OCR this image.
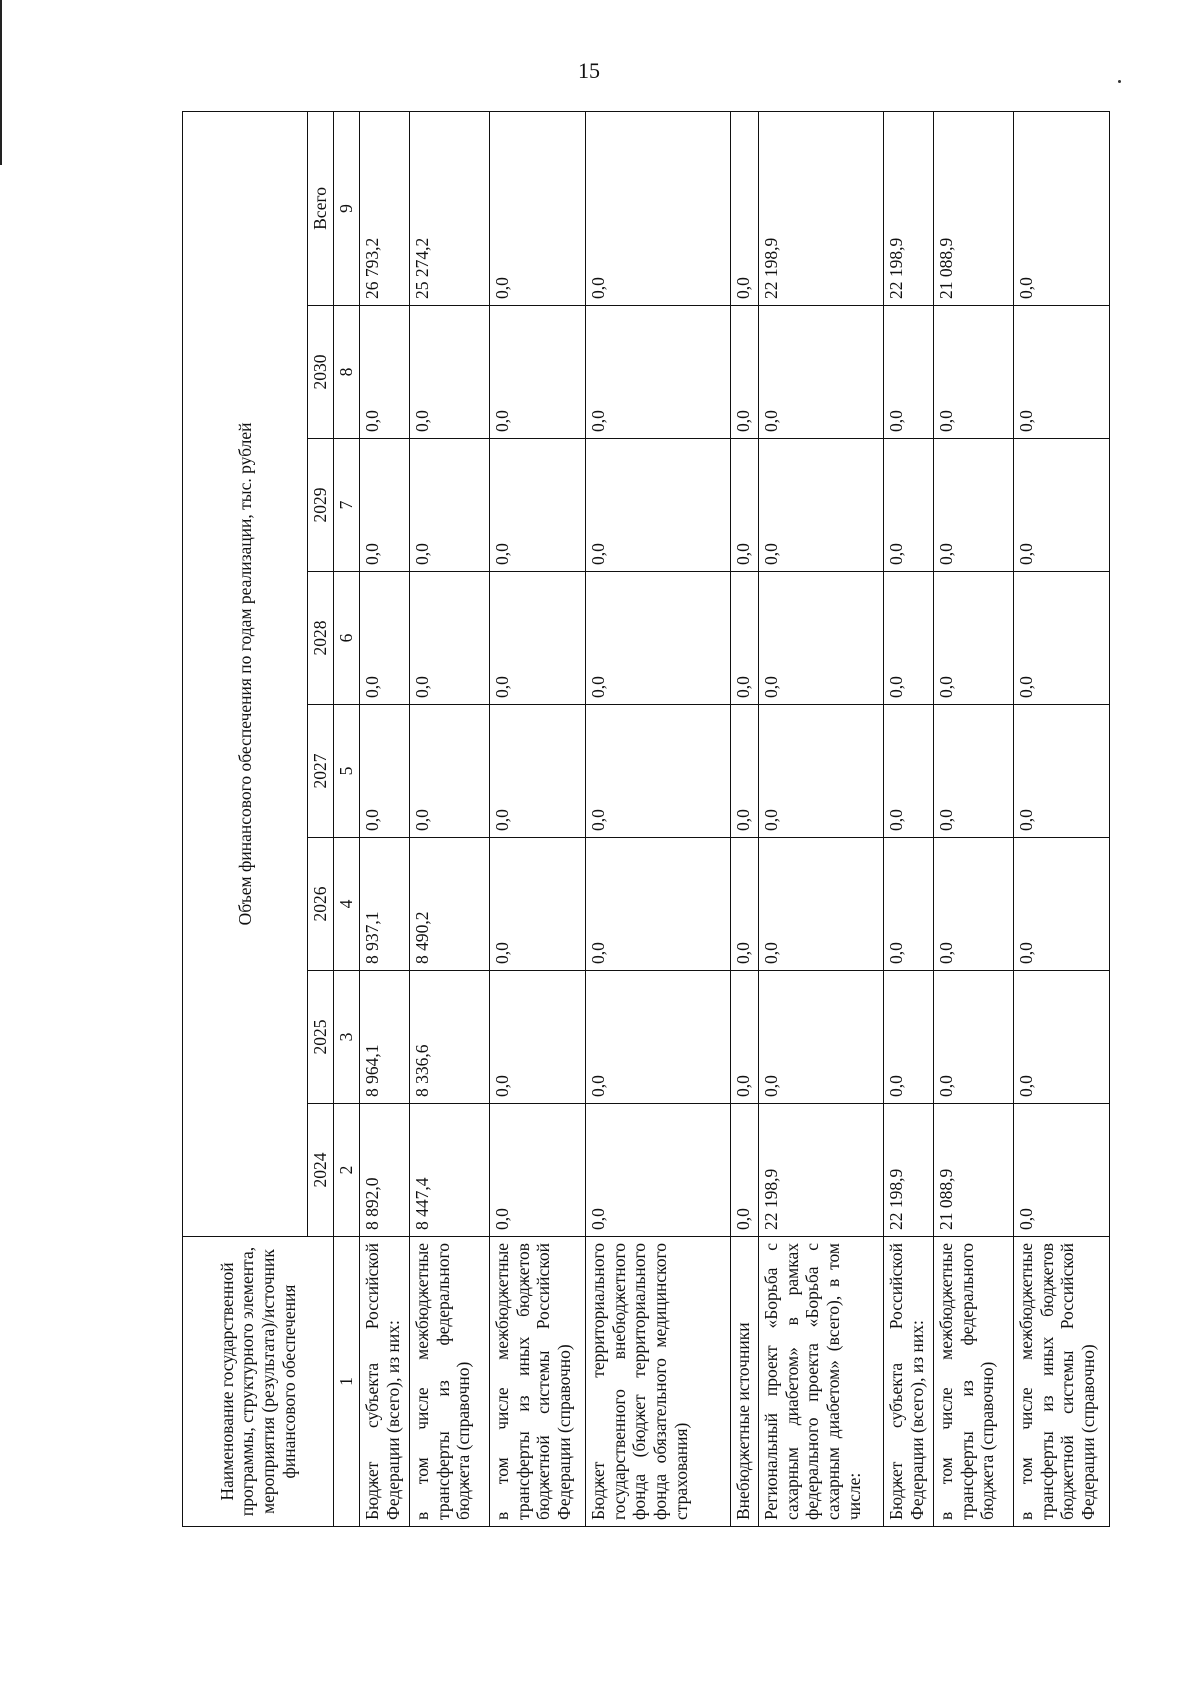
15
Наименование государственной программы, структурного элемента, мероприятия (результата)/источник финансового обеспечения	Объем финансового обеспечения по годам реализации, тыс. рублей							
	2024	2025	2026	2027	2028	2029	2030	Всего
1	2	3	4	5	6	7	8	9
Бюджет субъекта Российской Федерации (всего), из них:	8 892,0	8 964,1	8 937,1	0,0	0,0	0,0	0,0	26 793,2
в том числе межбюджетные трансферты из федерального бюджета (справочно)	8 447,4	8 336,6	8 490,2	0,0	0,0	0,0	0,0	25 274,2
в том числе межбюджетные трансферты из иных бюджетов бюджетной системы Российской Федерации (справочно)	0,0	0,0	0,0	0,0	0,0	0,0	0,0	0,0
Бюджет территориального государственного внебюджетного фонда (бюджет территориального фонда обязательного медицинского страхования)	0,0	0,0	0,0	0,0	0,0	0,0	0,0	0,0
Внебюджетные источники	0,0	0,0	0,0	0,0	0,0	0,0	0,0	0,0
Региональный проект «Борьба с сахарным диабетом» в рамках федерального проекта «Борьба с сахарным диабетом» (всего), в том числе:	22 198,9	0,0	0,0	0,0	0,0	0,0	0,0	22 198,9
Бюджет субъекта Российской Федерации (всего), из них:	22 198,9	0,0	0,0	0,0	0,0	0,0	0,0	22 198,9
в том числе межбюджетные трансферты из федерального бюджета (справочно)	21 088,9	0,0	0,0	0,0	0,0	0,0	0,0	21 088,9
в том числе межбюджетные трансферты из иных бюджетов бюджетной системы Российской Федерации (справочно)	0,0	0,0	0,0	0,0	0,0	0,0	0,0	0,0
